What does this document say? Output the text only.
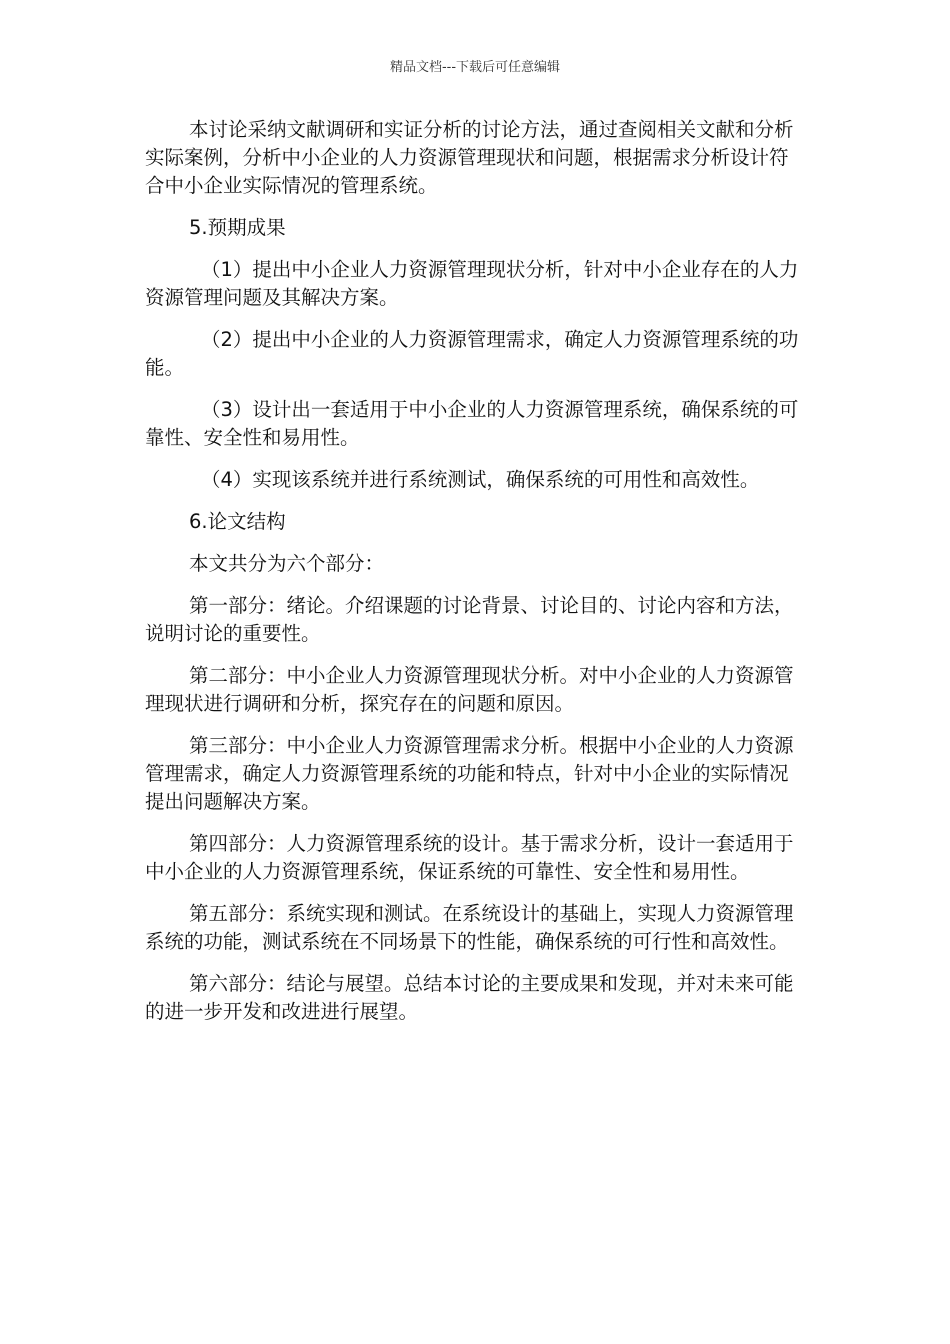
精品文档---下载后可任意编辑

本讨论采纳文献调研和实证分析的讨论方法，通过查阅相关文献和分析实际案例，分析中小企业的人力资源管理现状和问题，根据需求分析设计符合中小企业实际情况的管理系统。

5.预期成果

（1）提出中小企业人力资源管理现状分析，针对中小企业存在的人力资源管理问题及其解决方案。

（2）提出中小企业的人力资源管理需求，确定人力资源管理系统的功能。

（3）设计出一套适用于中小企业的人力资源管理系统，确保系统的可靠性、安全性和易用性。

（4）实现该系统并进行系统测试，确保系统的可用性和高效性。

6.论文结构

本文共分为六个部分：

第一部分：绪论。介绍课题的讨论背景、讨论目的、讨论内容和方法，说明讨论的重要性。

第二部分：中小企业人力资源管理现状分析。对中小企业的人力资源管理现状进行调研和分析，探究存在的问题和原因。

第三部分：中小企业人力资源管理需求分析。根据中小企业的人力资源管理需求，确定人力资源管理系统的功能和特点，针对中小企业的实际情况提出问题解决方案。

第四部分：人力资源管理系统的设计。基于需求分析，设计一套适用于中小企业的人力资源管理系统，保证系统的可靠性、安全性和易用性。

第五部分：系统实现和测试。在系统设计的基础上，实现人力资源管理系统的功能，测试系统在不同场景下的性能，确保系统的可行性和高效性。

第六部分：结论与展望。总结本讨论的主要成果和发现，并对未来可能的进一步开发和改进进行展望。
